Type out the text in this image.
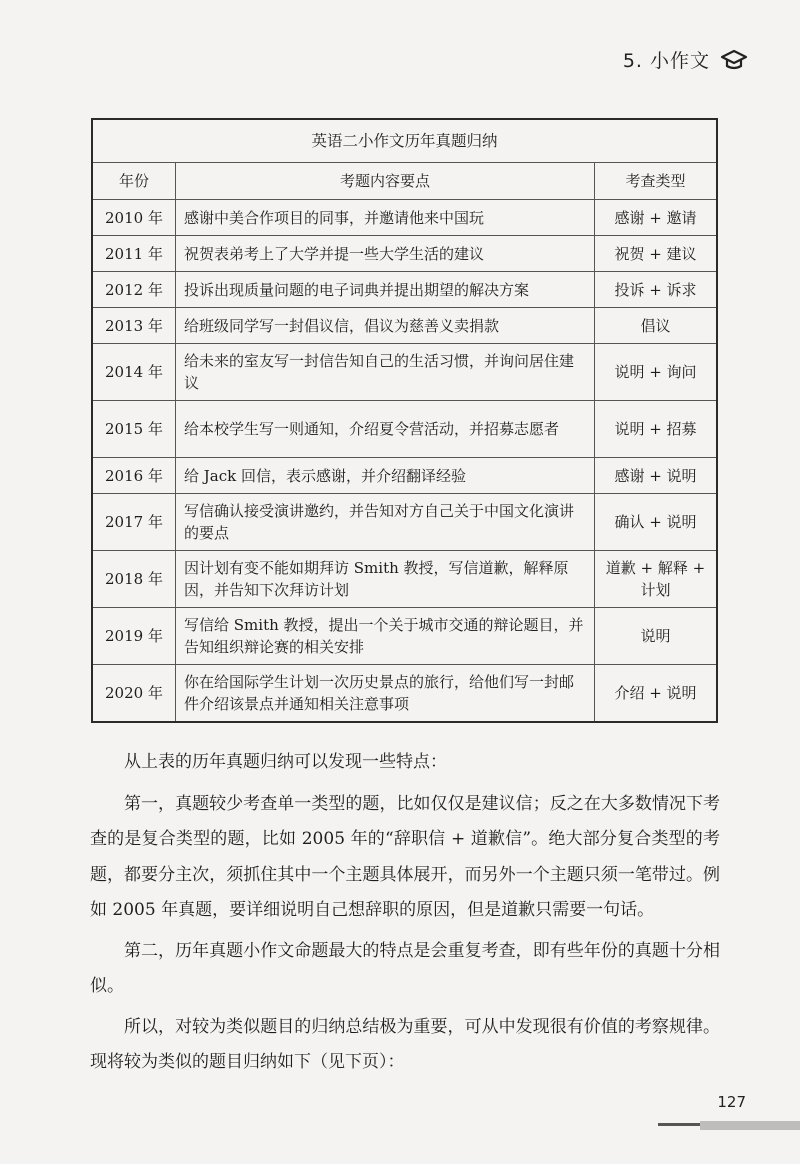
5. 小作文
英语二小作文历年真题归纳		
年份	考题内容要点	考查类型
2010 年	感谢中美合作项目的同事，并邀请他来中国玩	感谢 + 邀请
2011 年	祝贺表弟考上了大学并提一些大学生活的建议	祝贺 + 建议
2012 年	投诉出现质量问题的电子词典并提出期望的解决方案	投诉 + 诉求
2013 年	给班级同学写一封倡议信，倡议为慈善义卖捐款	倡议
2014 年	给未来的室友写一封信告知自己的生活习惯，并询问居住建议	说明 + 询问
2015 年	给本校学生写一则通知，介绍夏令营活动，并招募志愿者	说明 + 招募
2016 年	给 Jack 回信，表示感谢，并介绍翻译经验	感谢 + 说明
2017 年	写信确认接受演讲邀约，并告知对方自己关于中国文化演讲的要点	确认 + 说明
2018 年	因计划有变不能如期拜访 Smith 教授，写信道歉，解释原因，并告知下次拜访计划	道歉 + 解释 + 计划
2019 年	写信给 Smith 教授，提出一个关于城市交通的辩论题目，并告知组织辩论赛的相关安排	说明
2020 年	你在给国际学生计划一次历史景点的旅行，给他们写一封邮件介绍该景点并通知相关注意事项	介绍 + 说明

从上表的历年真题归纳可以发现一些特点：

第一，真题较少考查单一类型的题，比如仅仅是建议信；反之在大多数情况下考查的是复合类型的题，比如 2005 年的“辞职信 + 道歉信”。绝大部分复合类型的考题，都要分主次，须抓住其中一个主题具体展开，而另外一个主题只须一笔带过。例如 2005 年真题，要详细说明自己想辞职的原因，但是道歉只需要一句话。

第二，历年真题小作文命题最大的特点是会重复考查，即有些年份的真题十分相似。

所以，对较为类似题目的归纳总结极为重要，可从中发现很有价值的考察规律。现将较为类似的题目归纳如下（见下页）：

127
